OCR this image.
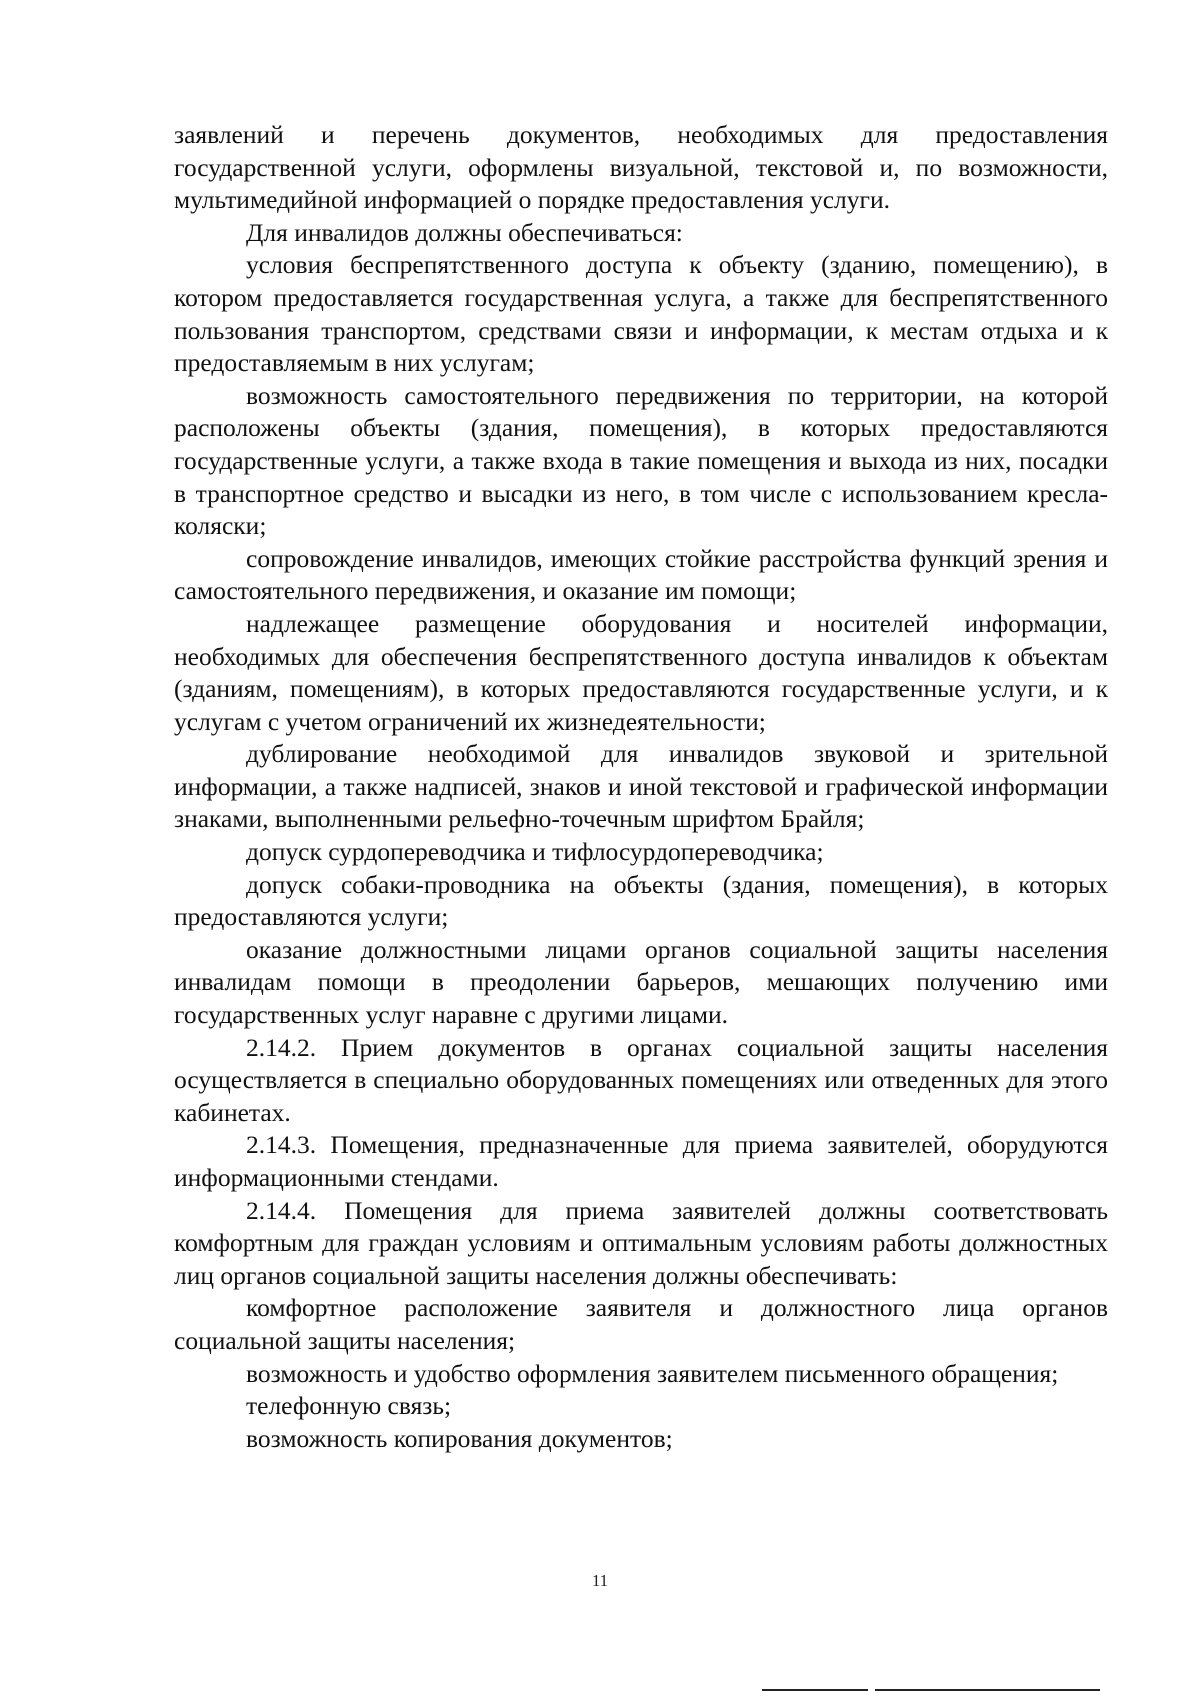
заявлений и перечень документов, необходимых для предоставления государственной услуги, оформлены визуальной, текстовой и, по возможности, мультимедийной информацией о порядке предоставления услуги.

Для инвалидов должны обеспечиваться:

условия беспрепятственного доступа к объекту (зданию, помещению), в котором предоставляется государственная услуга, а также для беспрепятственного пользования транспортом, средствами связи и информации, к местам отдыха и к предоставляемым в них услугам;

возможность самостоятельного передвижения по территории, на которой расположены объекты (здания, помещения), в которых предоставляются государственные услуги, а также входа в такие помещения и выхода из них, посадки в транспортное средство и высадки из него, в том числе с использованием кресла-коляски;

сопровождение инвалидов, имеющих стойкие расстройства функций зрения и самостоятельного передвижения, и оказание им помощи;

надлежащее размещение оборудования и носителей информации, необходимых для обеспечения беспрепятственного доступа инвалидов к объектам (зданиям, помещениям), в которых предоставляются государственные услуги, и к услугам с учетом ограничений их жизнедеятельности;

дублирование необходимой для инвалидов звуковой и зрительной информации, а также надписей, знаков и иной текстовой и графической информации знаками, выполненными рельефно-точечным шрифтом Брайля;

допуск сурдопереводчика и тифлосурдопереводчика;

допуск собаки-проводника на объекты (здания, помещения), в которых предоставляются услуги;

оказание должностными лицами органов социальной защиты населения инвалидам помощи в преодолении барьеров, мешающих получению ими государственных услуг наравне с другими лицами.

2.14.2. Прием документов в органах социальной защиты населения осуществляется в специально оборудованных помещениях или отведенных для этого кабинетах.

2.14.3. Помещения, предназначенные для приема заявителей, оборудуются информационными стендами.

2.14.4. Помещения для приема заявителей должны соответствовать комфортным для граждан условиям и оптимальным условиям работы должностных лиц органов социальной защиты населения должны обеспечивать:

комфортное расположение заявителя и должностного лица органов социальной защиты населения;

возможность и удобство оформления заявителем письменного обращения;

телефонную связь;

возможность копирования документов;

11
